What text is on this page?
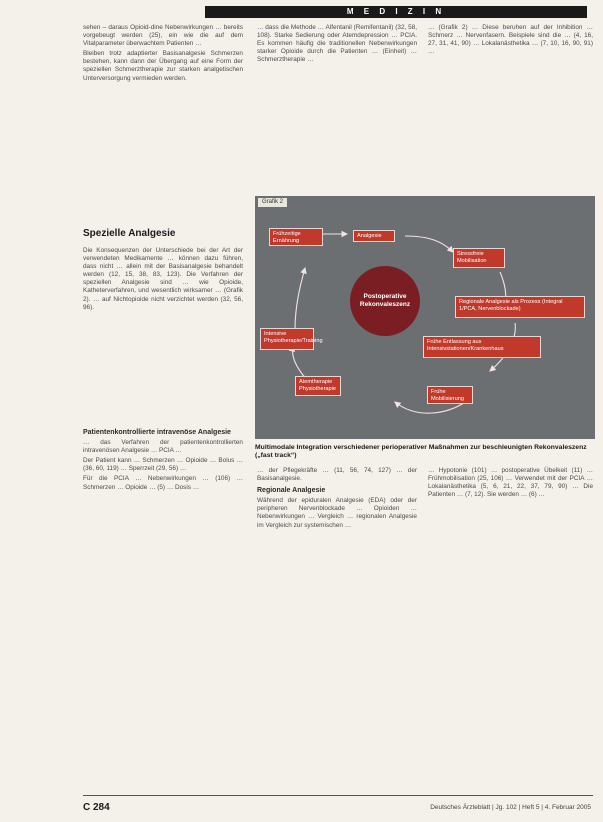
M E D I Z I N

sehen – daraus Opioid-dine Nebenwirkungen … bereits vorgebeugt werden (25), ein wie die auf dem Vitalparameter überwachtem Patienten …

Bleiben trotz adaptierter Basisanalgesie Schmerzen bestehen, kann dann der Übergang auf eine Form der speziellen Schmerztherapie zur starken analgetischen Unterversorgung vermieden werden.

… dass die Methode … Alfentanil (Remifentanil) (32, 58, 108). Starke Sedierung oder Atemdepression … PCIA. Es kommen häufig die traditionellen Nebenwirkungen starker Opioide durch die Patienten … (Einheit) … Schmerztherapie …

… (Grafik 2) … Diese beruhen auf der Inhibition … Schmerz … Nervenfasern. Beispiele sind die … (4, 16, 27, 31, 41, 90) … Lokalanästhetika … (7, 10, 16, 90, 91) …

Spezielle Analgesie

Die Konsequenzen der Unterschiede bei der Art der verwendeten Medikamente … können dazu führen, dass nicht … allein mit der Basisanalgesie behandelt werden (12, 15, 38, 83, 123). Die Verfahren der speziellen Analgesie sind … wie Opioide, Katheterverfahren, und wesentlich wirksamer … (Grafik 2). … auf Nichtopioide nicht verzichtet werden (32, 56, 96).

Patientenkontrollierte intravenöse Analgesie

… das Verfahren der patientenkontrollierten intravenösen Analgesie … PCIA …

Der Patient kann … Schmerzen … Opioide … Bolus … (36, 60, 119) … Sperrzeit (29, 56) …

Für die PCIA … Nebenwirkungen … (106) … Schmerzen … Opioide … (5) … Dosis …

Grafik 2
Frühzeitige Ernährung
Analgesie
Stressfreie Mobilisation
Regionale Analgesie als Prozess (Integral 1/PCA, Nervenblockade)
Frühe Entlassung aus Intensivstationen/Krankenhaus
Frühe Mobilisierung
Atemtherapie Physiotherapie
Intensive Physiotherapie/Training
Postoperative Rekonvaleszenz
Multimodale Integration verschiedener perioperativer Maßnahmen zur beschleunigten Rekonvaleszenz („fast track“)

… der Pflegekräfte … (11, 56, 74, 127) … der Basisanalgesie.

Regionale Analgesie

Während der epiduralen Analgesie (EDA) oder der peripheren Nervenblockade … Opioiden … Nebenwirkungen … Vergleich … regionalen Analgesie im Vergleich zur systemischen …

… Hypotonie (101) … postoperative Übelkeit (11) … Frühmobilisation (25, 106) … Verwendet mit der PCIA … Lokalanästhetika (5, 6, 21, 22, 37, 79, 90) … Die Patienten … (7, 12). Sie werden … (6) …

C 284	Deutsches Ärzteblatt | Jg. 102 | Heft 5 | 4. Februar 2005
